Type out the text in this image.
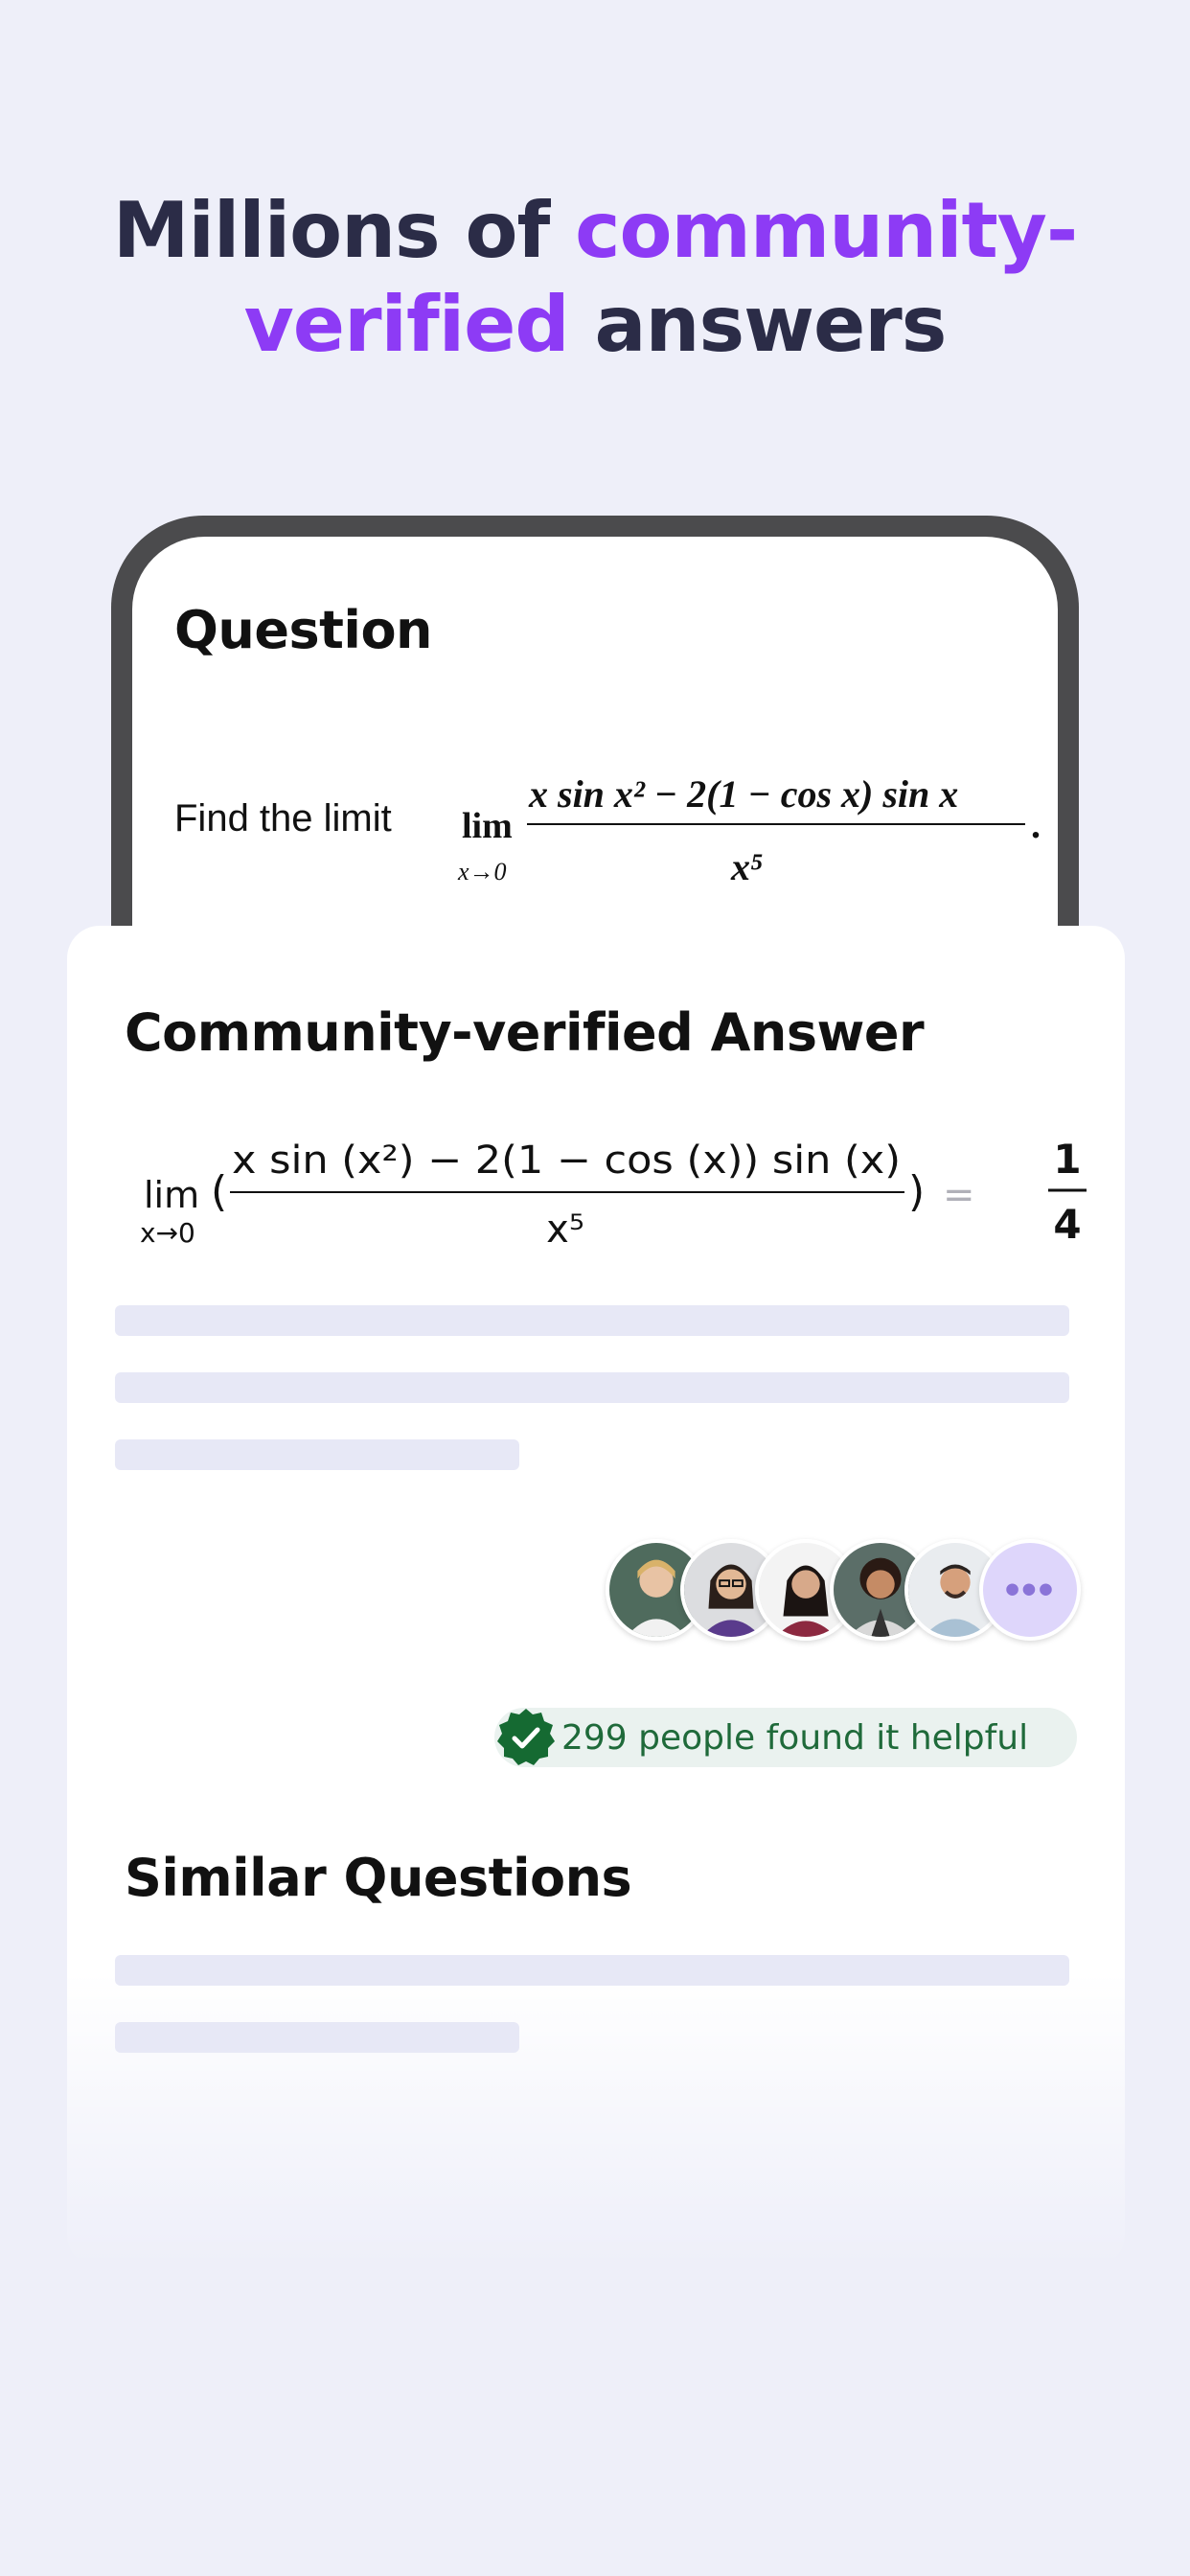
Millions of community-
verified answers
Question
Find the limit lim
x→0
x sin x² − 2(1 − cos x) sin x
x⁵
.
Community-verified Answer
lim
x→0
(
x sin (x²) − 2(1 − cos (x)) sin (x)
x⁵
) =
1
4
•••
299 people found it helpful
Similar Questions
